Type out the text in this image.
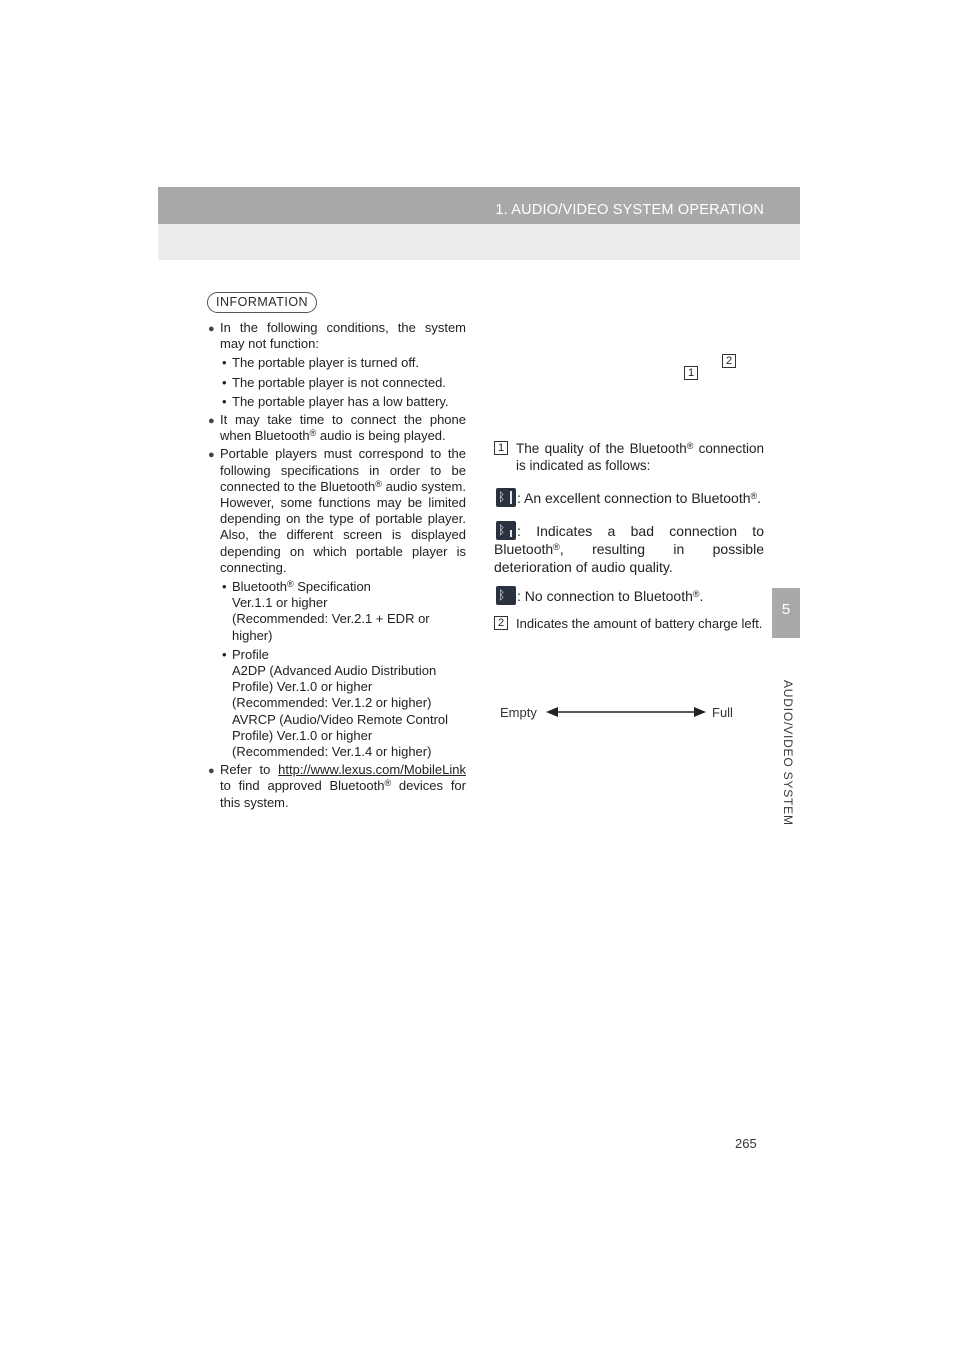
1. AUDIO/VIDEO SYSTEM OPERATION
5
AUDIO/VIDEO SYSTEM
INFORMATION
● In the following conditions, the system may not function:
• The portable player is turned off.
• The portable player is not connected.
• The portable player has a low battery.
● It may take time to connect the phone when Bluetooth® audio is being played.
● Portable players must correspond to the following specifications in order to be connected to the Bluetooth® audio system. However, some functions may be limited depending on the type of portable player. Also, the different screen is displayed depending on which portable player is connecting.
• Bluetooth® Specification
Ver.1.1 or higher
(Recommended: Ver.2.1 + EDR or higher)
• Profile
A2DP (Advanced Audio Distribution Profile) Ver.1.0 or higher
(Recommended: Ver.1.2 or higher)
AVRCP (Audio/Video Remote Control Profile) Ver.1.0 or higher
(Recommended: Ver.1.4 or higher)
● Refer to http://www.lexus.com/MobileLink to find approved Bluetooth® devices for this system.
1
2
1 The quality of the Bluetooth® connection is indicated as follows:
ᛒ : An excellent connection to Bluetooth®.
ᛒ : Indicates a bad connection to Bluetooth®, resulting in possible deterioration of audio quality.
ᛒ : No connection to Bluetooth®.
2 Indicates the amount of battery charge left.
Empty	Full
265
